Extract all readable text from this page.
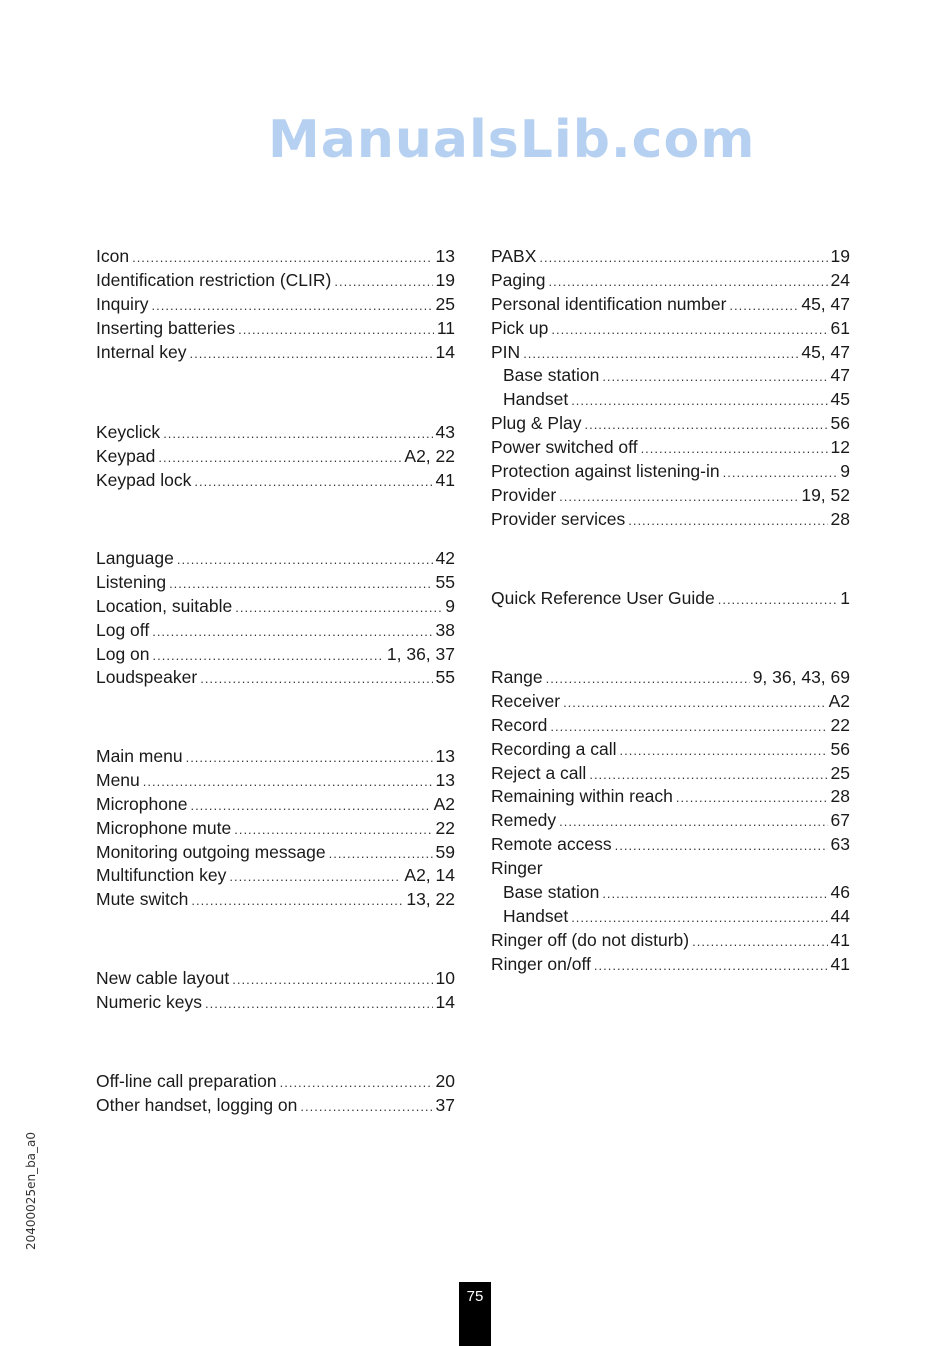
ManualsLib.com
20400025en_ba_a0
75
Icon .....	13
Identification restriction (CLIR) .....	19
Inquiry .....	25
Inserting batteries .....	11
Internal key .....	14
Keyclick .....	43
Keypad .....	A2, 22
Keypad lock .....	41
Language .....	42
Listening .....	55
Location, suitable .....	9
Log off .....	38
Log on .....	1, 36, 37
Loudspeaker .....	55
Main menu .....	13
Menu .....	13
Microphone .....	A2
Microphone mute .....	22
Monitoring outgoing message .....	59
Multifunction key .....	A2, 14
Mute switch .....	13, 22
New cable layout .....	10
Numeric keys .....	14
Off-line call preparation .....	20
Other handset, logging on .....	37
PABX .....	19
Paging .....	24
Personal identification number .....	45, 47
Pick up .....	61
PIN .....	45, 47
Base station .....	47
Handset .....	45
Plug & Play .....	56
Power switched off .....	12
Protection against listening-in .....	9
Provider .....	19, 52
Provider services .....	28
Quick Reference User Guide .....	1
Range .....	9, 36, 43, 69
Receiver .....	A2
Record .....	22
Recording a call .....	56
Reject a call .....	25
Remaining within reach .....	28
Remedy .....	67
Remote access .....	63
Ringer
Base station .....	46
Handset .....	44
Ringer off (do not disturb) .....	41
Ringer on/off .....	41
